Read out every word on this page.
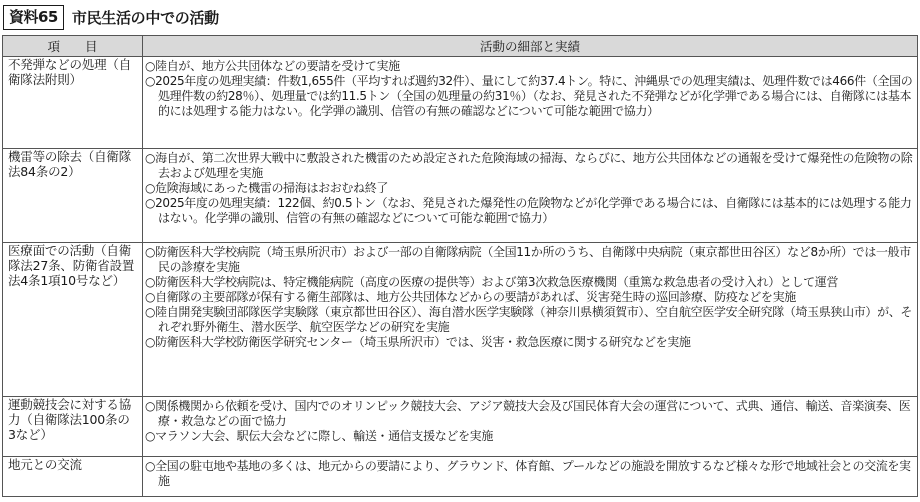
資料65 市民生活の中での活動
項　　目	活動の細部と実績
不発弾などの処理（自衛隊法附則）	○陸自が、地方公共団体などの要請を受けて実施
○2025年度の処理実績：件数1,655件（平均すれば週約32件）、量にして約37.4トン。特に、沖縄県での処理実績は、処理件数では466件（全国の処理件数の約28％）、処理量では約11.5トン（全国の処理量の約31％）（なお、発見された不発弾などが化学弾である場合には、自衛隊には基本的には処理する能力はない。化学弾の識別、信管の有無の確認などについて可能な範囲で協力）

機雷等の除去（自衛隊法84条の2）	○海自が、第二次世界大戦中に敷設された機雷のため設定された危険海域の掃海、ならびに、地方公共団体などの通報を受けて爆発性の危険物の除去および処理を実施
○危険海域にあった機雷の掃海はおおむね終了
○2025年度の処理実績：122個、約0.5トン（なお、発見された爆発性の危険物などが化学弾である場合には、自衛隊には基本的には処理する能力はない。化学弾の識別、信管の有無の確認などについて可能な範囲で協力）

医療面での活動（自衛隊法27条、防衛省設置法4条1項10号など）	○防衛医科大学校病院（埼玉県所沢市）および一部の自衛隊病院（全国11か所のうち、自衛隊中央病院（東京都世田谷区）など8か所）では一般市民の診療を実施
○防衛医科大学校病院は、特定機能病院（高度の医療の提供等）および第3次救急医療機関（重篤な救急患者の受け入れ）として運営
○自衛隊の主要部隊が保有する衛生部隊は、地方公共団体などからの要請があれば、災害発生時の巡回診療、防疫などを実施
○陸自開発実験団部隊医学実験隊（東京都世田谷区）、海自潜水医学実験隊（神奈川県横須賀市）、空自航空医学安全研究隊（埼玉県狭山市）が、それぞれ野外衛生、潜水医学、航空医学などの研究を実施
○防衛医科大学校防衛医学研究センター（埼玉県所沢市）では、災害・救急医療に関する研究などを実施

運動競技会に対する協力（自衛隊法100条の3など）	○関係機関から依頼を受け、国内でのオリンピック競技大会、アジア競技大会及び国民体育大会の運営について、式典、通信、輸送、音楽演奏、医療・救急などの面で協力
○マラソン大会、駅伝大会などに際し、輸送・通信支援などを実施

地元との交流	○全国の駐屯地や基地の多くは、地元からの要請により、グラウンド、体育館、プールなどの施設を開放するなど様々な形で地域社会との交流を実施
